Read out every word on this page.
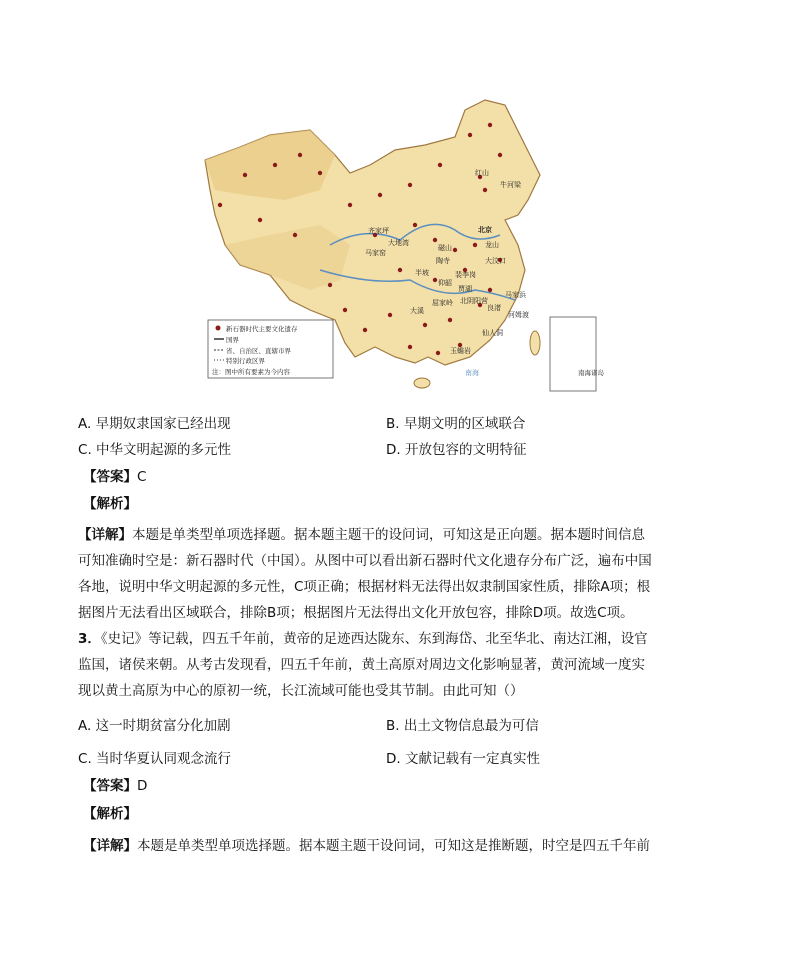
新石器时代主要文化遗存
国界
省、自治区、直辖市界
特别行政区界
注：图中所有要素为今内容	南海诸岛
南海
红山
牛河梁
北京
齐家坪
大地湾
马家窑
磁山
陶寺
龙山
大汶口
半坡	裴李岗
仰韶
大溪
屈家岭 北阴阳营
马家浜
良渚
河姆渡
仙人洞
玉蟾岩
贾湖
A. 早期奴隶国家已经出现	B. 早期文明的区域联合
C. 中华文明起源的多元性	D. 开放包容的文明特征
【答案】C
【解析】
【详解】本题是单类型单项选择题。据本题主题干的设问词，可知这是正向题。据本题时间信息
可知准确时空是：新石器时代（中国）。从图中可以看出新石器时代文化遗存分布广泛，遍布中国
各地，说明中华文明起源的多元性，C项正确；根据材料无法得出奴隶制国家性质，排除A项；根
据图片无法看出区域联合，排除B项；根据图片无法得出文化开放包容，排除D项。故选C项。
3．《史记》等记载，四五千年前，黄帝的足迹西达陇东、东到海岱、北至华北、南达江湘，设官
监国，诸侯来朝。从考古发现看，四五千年前，黄土高原对周边文化影响显著，黄河流域一度实
现以黄土高原为中心的原初一统，长江流域可能也受其节制。由此可知（）
A. 这一时期贫富分化加剧	B. 出土文物信息最为可信
C. 当时华夏认同观念流行	D. 文献记载有一定真实性
【答案】D
【解析】
【详解】本题是单类型单项选择题。据本题主题干设问词，可知这是推断题，时空是四五千年前
